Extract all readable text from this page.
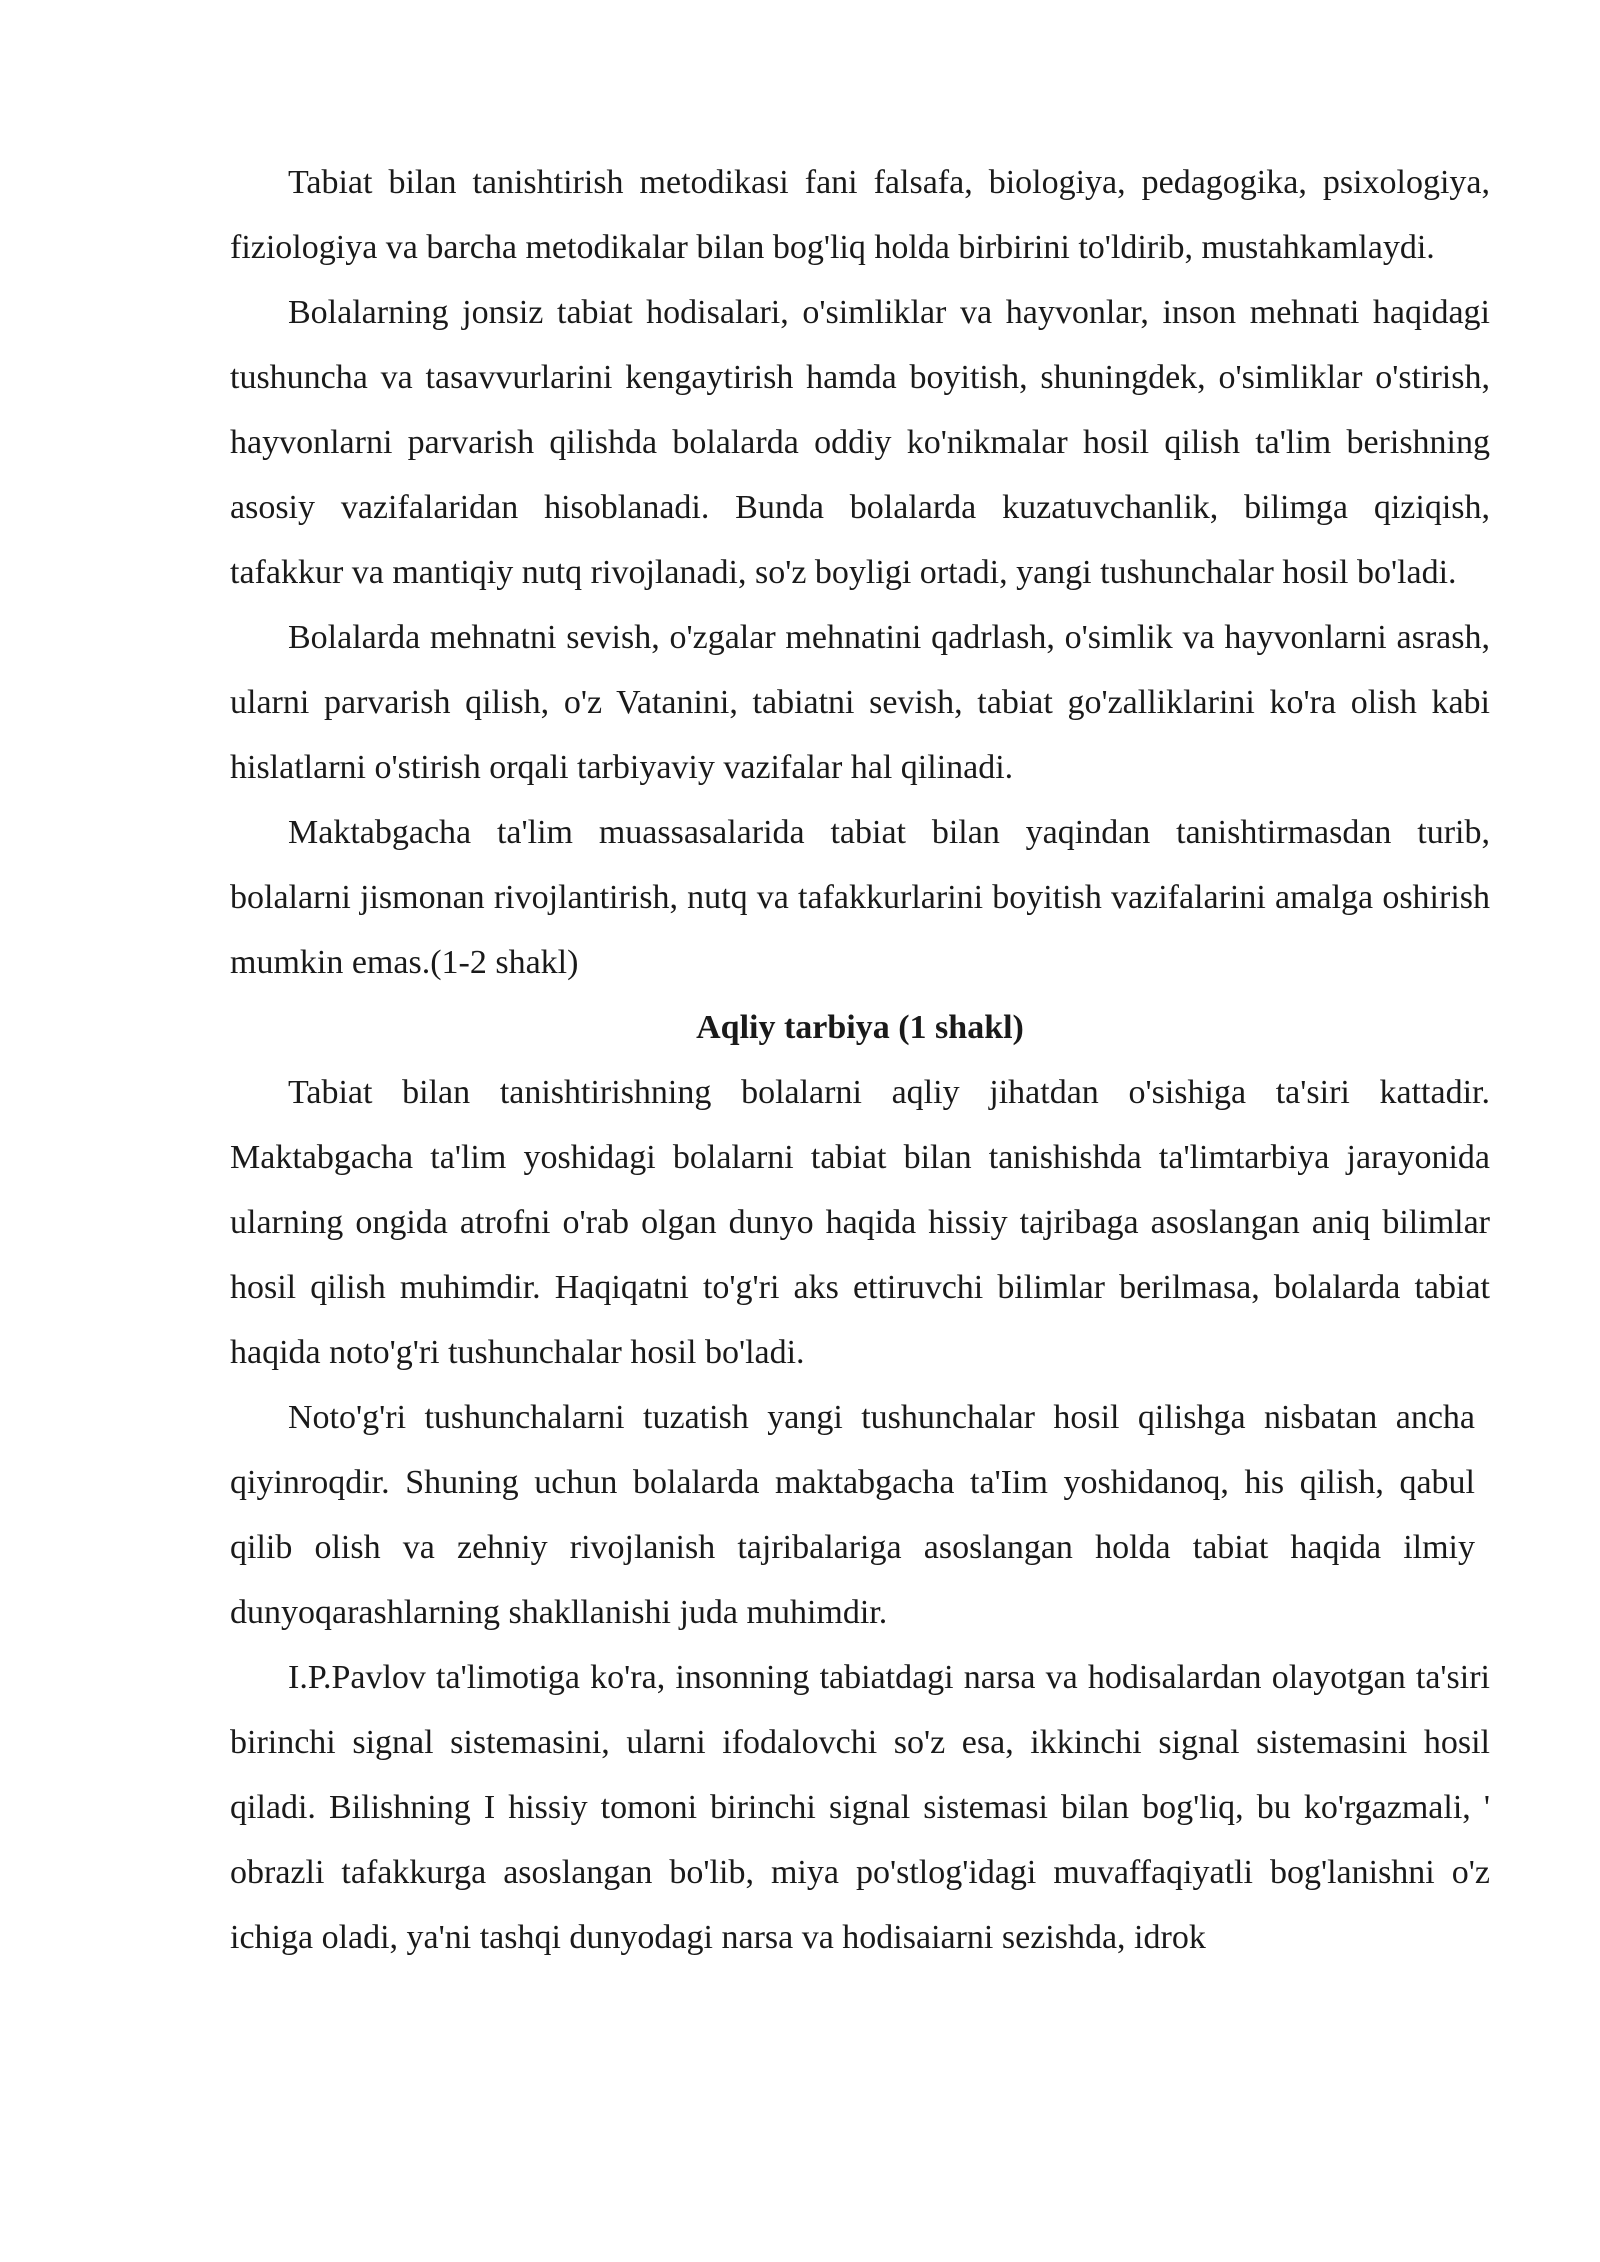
Tabiat bilan tanishtirish metodikasi fani falsafa, biologiya, pedagogika, psixologiya, fiziologiya va barcha metodikalar bilan bog'liq holda birbirini to'ldirib, mustahkamlaydi.

Bolalarning jonsiz tabiat hodisalari, o'simliklar va hayvonlar, inson mehnati haqidagi tushuncha va tasavvurlarini kengaytirish hamda boyitish, shuningdek, o'simliklar o'stirish, hayvonlarni parvarish qilishda bolalarda oddiy ko'nikmalar hosil qilish ta'lim berishning asosiy vazifalaridan hisoblanadi. Bunda bolalarda kuzatuvchanlik, bilimga qiziqish, tafakkur va mantiqiy nutq rivojlanadi, so'z boyligi ortadi, yangi tushunchalar hosil bo'ladi.

Bolalarda mehnatni sevish, o'zgalar mehnatini qadrlash, o'simlik va hayvonlarni asrash, ularni parvarish qilish, o'z Vatanini, tabiatni sevish, tabiat go'zalliklarini ko'ra olish kabi hislatlarni o'stirish orqali tarbiyaviy vazifalar hal qilinadi.

Maktabgacha ta'lim muassasalarida tabiat bilan yaqindan tanishtirmasdan turib, bolalarni jismonan rivojlantirish, nutq va tafakkurlarini boyitish vazifalarini amalga oshirish mumkin emas.(1-2 shakl)

Aqliy tarbiya (1 shakl)

Tabiat bilan tanishtirishning bolalarni aqliy jihatdan o'sishiga ta'siri kattadir. Maktabgacha ta'lim yoshidagi bolalarni tabiat bilan tanishishda ta'limtarbiya jarayonida ularning ongida atrofni o'rab olgan dunyo haqida hissiy tajribaga asoslangan aniq bilimlar hosil qilish muhimdir. Haqiqatni to'g'ri aks ettiruvchi bilimlar berilmasa, bolalarda tabiat haqida noto'g'ri tushunchalar hosil bo'ladi.

Noto'g'ri tushunchalarni tuzatish yangi tushunchalar hosil qilishga nisbatan ancha qiyinroqdir. Shuning uchun bolalarda maktabgacha ta'Iim yoshidanoq, his qilish, qabul qilib olish va zehniy rivojlanish tajribalariga asoslangan holda tabiat haqida ilmiy dunyoqarashlarning shakllanishi juda muhimdir.

I.P.Pavlov ta'limotiga ko'ra, insonning tabiatdagi narsa va hodisalardan olayotgan ta'siri birinchi signal sistemasini, ularni ifodalovchi so'z esa, ikkinchi signal sistemasini hosil qiladi. Bilishning I hissiy tomoni birinchi signal sistemasi bilan bog'liq, bu ko'rgazmali, ' obrazli tafakkurga asoslangan bo'lib, miya po'stlog'idagi muvaffaqiyatli bog'lanishni o'z ichiga oladi, ya'ni tashqi dunyodagi narsa va hodisaiarni sezishda, idrok
